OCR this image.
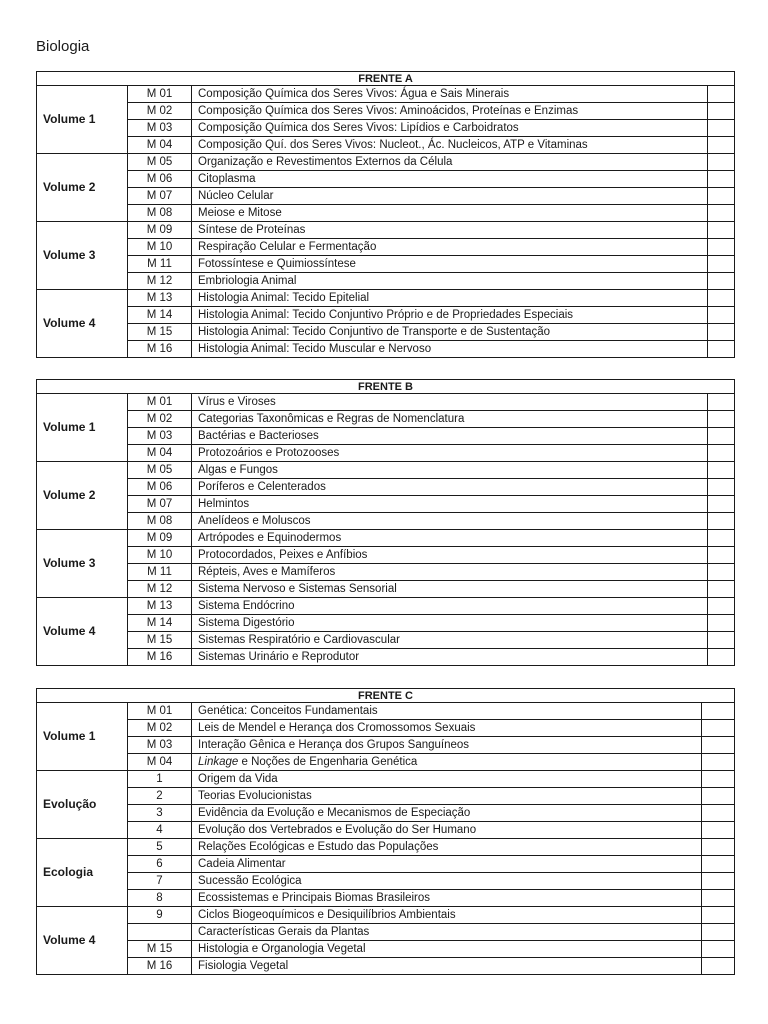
Biologia
FRENTE A			
Volume 1	M 01	Composição Química dos Seres Vivos: Água e Sais Minerais	
	M 02	Composição Química dos Seres Vivos: Aminoácidos, Proteínas e Enzimas	
	M 03	Composição Química dos Seres Vivos: Lipídios e Carboidratos	
	M 04	Composição Quí. dos Seres Vivos: Nucleot., Ác. Nucleicos, ATP e Vitaminas	
Volume 2	M 05	Organização e Revestimentos Externos da Célula	
	M 06	Citoplasma	
	M 07	Núcleo Celular	
	M 08	Meiose e Mitose	
Volume 3	M 09	Síntese de Proteínas	
	M 10	Respiração Celular e Fermentação	
	M 11	Fotossíntese e Quimiossíntese	
	M 12	Embriologia Animal	
Volume 4	M 13	Histologia Animal: Tecido Epitelial	
	M 14	Histologia Animal: Tecido Conjuntivo Próprio e de Propriedades Especiais	
	M 15	Histologia Animal: Tecido Conjuntivo de Transporte e de Sustentação	
	M 16	Histologia Animal: Tecido Muscular e Nervoso	
FRENTE B			
Volume 1	M 01	Vírus e Viroses	
	M 02	Categorias Taxonômicas e Regras de Nomenclatura	
	M 03	Bactérias e Bacterioses	
	M 04	Protozoários e Protozooses	
Volume 2	M 05	Algas e Fungos	
	M 06	Poríferos e Celenterados	
	M 07	Helmintos	
	M 08	Anelídeos e Moluscos	
Volume 3	M 09	Artrópodes e Equinodermos	
	M 10	Protocordados, Peixes e Anfíbios	
	M 11	Répteis, Aves e Mamíferos	
	M 12	Sistema Nervoso e Sistemas Sensorial	
Volume 4	M 13	Sistema Endócrino	
	M 14	Sistema Digestório	
	M 15	Sistemas Respiratório e Cardiovascular	
	M 16	Sistemas Urinário e Reprodutor	
FRENTE C			
Volume 1	M 01	Genética: Conceitos Fundamentais	
	M 02	Leis de Mendel e Herança dos Cromossomos Sexuais	
	M 03	Interação Gênica e Herança dos Grupos Sanguíneos	
	M 04	Linkage e Noções de Engenharia Genética	
Evolução	1	Origem da Vida	
	2	Teorias Evolucionistas	
	3	Evidência da Evolução e Mecanismos de Especiação	
	4	Evolução dos Vertebrados e Evolução do Ser Humano	
Ecologia	5	Relações Ecológicas e Estudo das Populações	
	6	Cadeia Alimentar	
	7	Sucessão Ecológica	
	8	Ecossistemas e Principais Biomas Brasileiros	
Volume 4	9	Ciclos Biogeoquímicos e Desiquilíbrios Ambientais	
		Características Gerais da Plantas	
	M 15	Histologia e Organologia Vegetal	
	M 16	Fisiologia Vegetal	
